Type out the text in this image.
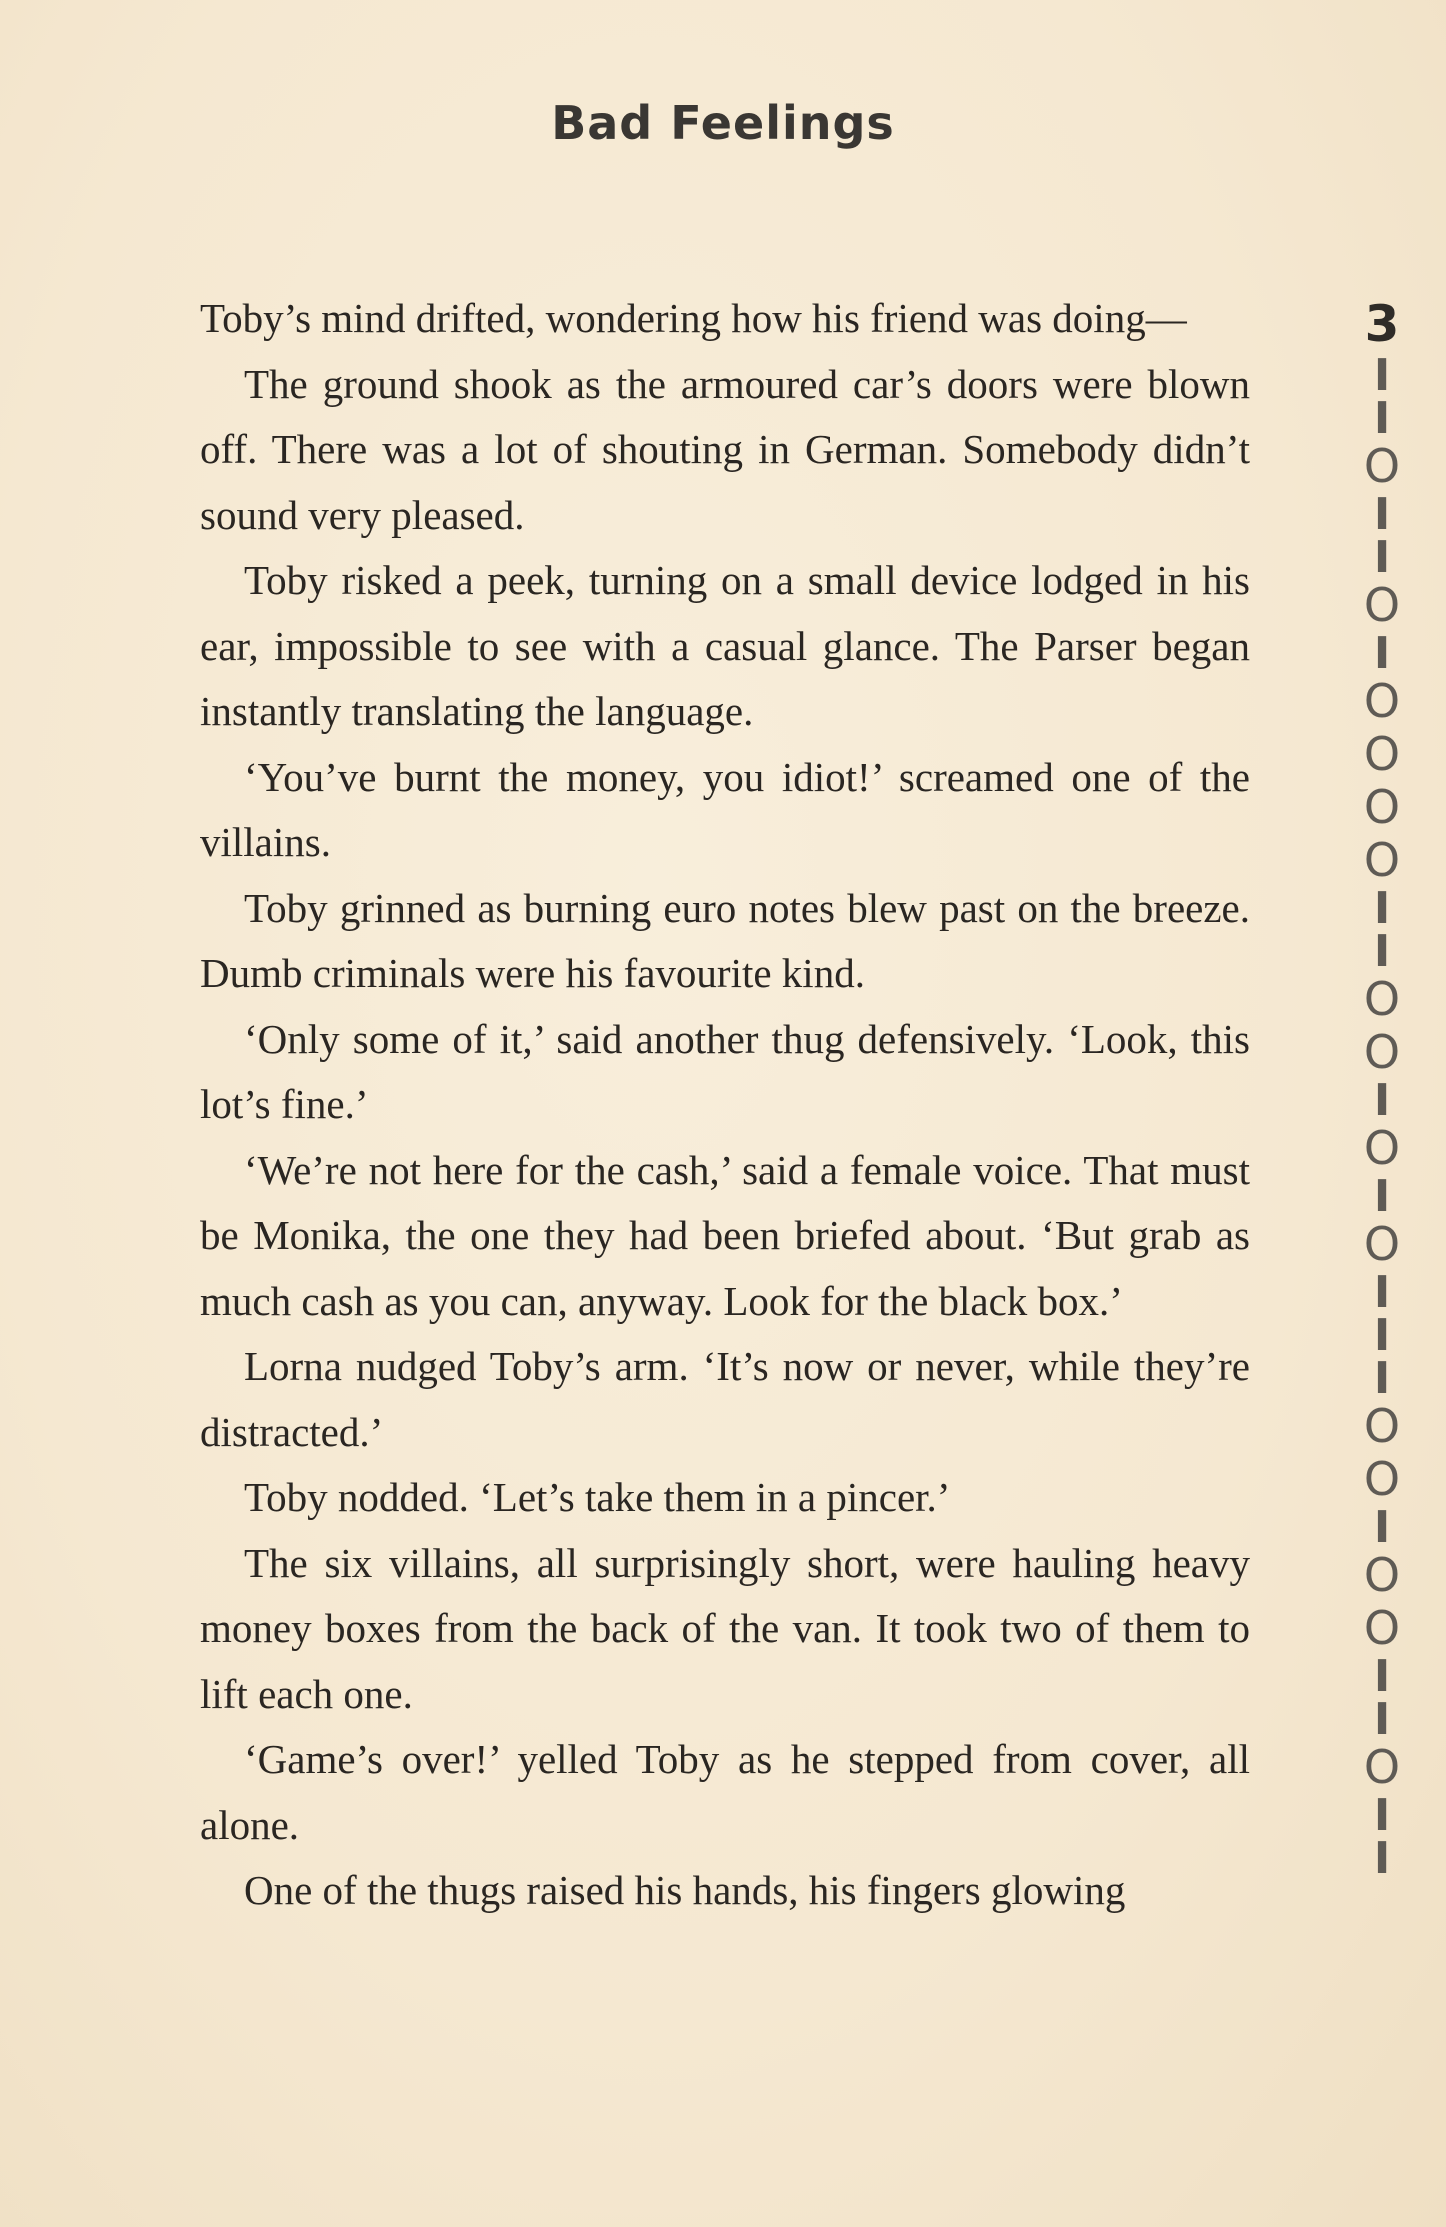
Bad Feelings

Toby’s mind drifted, wondering how his friend was doing—

The ground shook as the armoured car’s doors were blown off. There was a lot of shouting in German. Somebody didn’t sound very pleased.

Toby risked a peek, turning on a small device lodged in his ear, impossible to see with a casual glance. The Parser began instantly translating the language.

‘You’ve burnt the money, you idiot!’ screamed one of the villains.

Toby grinned as burning euro notes blew past on the breeze. Dumb criminals were his favourite kind.

‘Only some of it,’ said another thug defensively. ‘Look, this lot’s fine.’

‘We’re not here for the cash,’ said a female voice. That must be Monika, the one they had been briefed about. ‘But grab as much cash as you can, anyway. Look for the black box.’

Lorna nudged Toby’s arm. ‘It’s now or never, while they’re distracted.’

Toby nodded. ‘Let’s take them in a pincer.’

The six villains, all surprisingly short, were hauling heavy money boxes from the back of the van. It took two of them to lift each one.

‘Game’s over!’ yelled Toby as he stepped from cover, all alone.

One of the thugs raised his hands, his fingers glowing

3
I
I
O
I
I
O
I
O
O
O
O
I
I
O
O
I
O
I
O
I
I
I
O
O
I
O
O
I
I
O
I
I
